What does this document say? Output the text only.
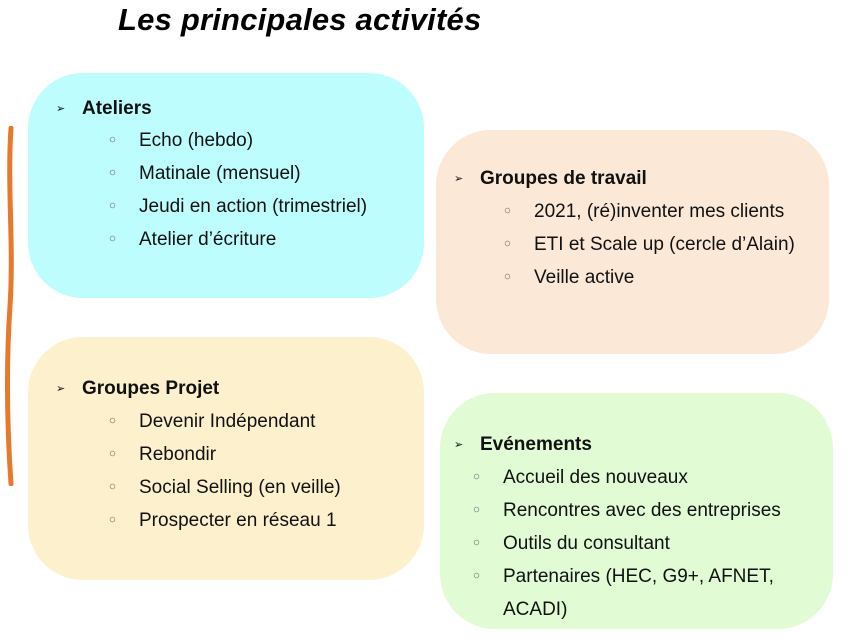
Les principales activités
➢ Ateliers
Echo (hebdo)
Matinale (mensuel)
Jeudi en action (trimestriel)
Atelier d’écriture
➢ Groupes de travail
2021, (ré)inventer mes clients
ETI et Scale up (cercle d’Alain)
Veille active
➢ Groupes Projet
Devenir Indépendant
Rebondir
Social Selling (en veille)
Prospecter en réseau 1
➢ Evénements
Accueil des nouveaux
Rencontres avec des entreprises
Outils du consultant
Partenaires (HEC, G9+, AFNET,
ACADI)
